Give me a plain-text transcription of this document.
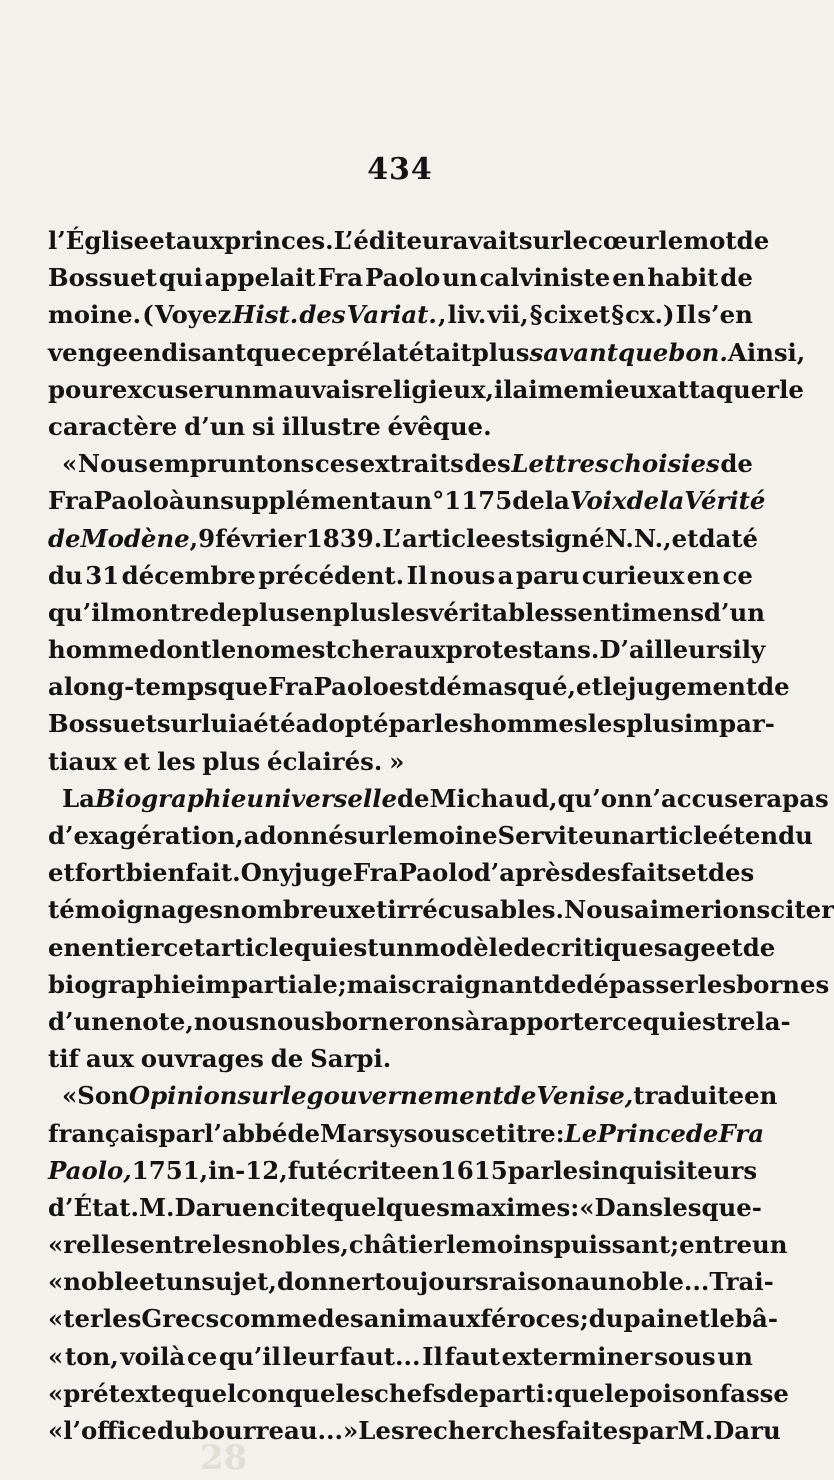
434
l’Église et aux princes. L’éditeur avait sur le cœur le mot de
Bossuet qui appelait Fra Paolo un calviniste en habit de
moine. ( Voyez Hist. des Variat. , liv. vii, § cix et § cx.) Il s’en
venge en disant que ce prélat était plus savant que bon. Ainsi,
pour excuser un mauvais religieux, il aime mieux attaquer le
caractère d’un si illustre évêque.
« Nous empruntons ces extraits des Lettres choisies de
Fra Paolo à un supplément au n° 1175 de la Voix de la Vérité
de Modène , 9 février 1839. L’article est signé N. N., et daté
du 31 décembre précédent. Il nous a paru curieux en ce
qu’il montre de plus en plus les véritables sentimens d’un
homme dont le nom est cher aux protestans. D’ailleurs il y
a long-temps que Fra Paolo est démasqué, et le jugement de
Bossuet sur lui a été adopté par les hommes les plus impar-
tiaux et les plus éclairés. »
La Biographie universelle de Michaud, qu’on n’accusera pas
d’exagération, a donné sur le moine Servite un article étendu
et fort bien fait. On y juge Fra Paolo d’après des faits et des
témoignages nombreux et irrécusables. Nous aimerions citer
en entier cet article qui est un modèle de critique sage et de
biographie impartiale; mais craignant de dépasser les bornes
d’une note, nous nous bornerons à rapporter ce qui est rela-
tif aux ouvrages de Sarpi.
« Son Opinion sur le gouvernement de Venise, traduite en
français par l’abbé de Marsy sous ce titre : Le Prince de Fra
Paolo, 1751, in-12, fut écrite en 1615 par les inquisiteurs
d’État. M. Daru en cite quelques maximes : « Dans les que-
« relles entre les nobles, châtier le moins puissant ; entre un
« noble et un sujet, donner toujours raison au noble... Trai-
« ter les Grecs comme des animaux féroces ; du pain et le bâ-
« ton, voilà ce qu’il leur faut... Il faut exterminer sous un
« prétexte quelconque les chefs de parti : que le poison fasse
« l’office du bourreau... » Les recherches faites par M. Daru
28
